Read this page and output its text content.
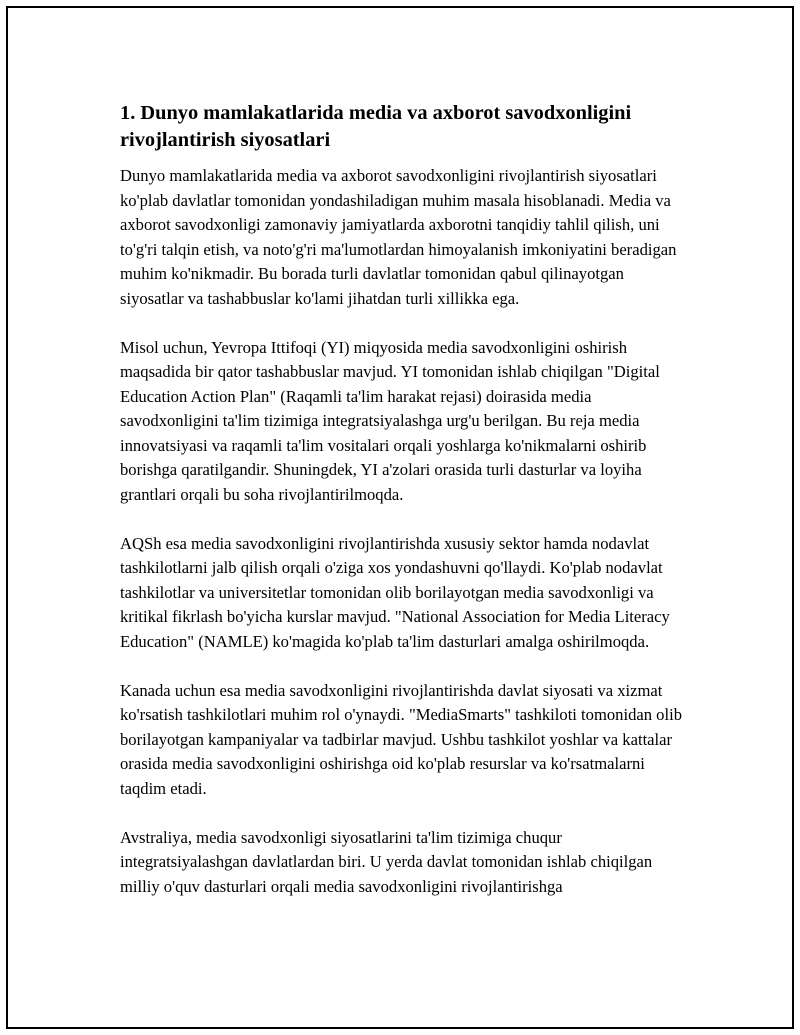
1. Dunyo mamlakatlarida media va axborot savodxonligini rivojlantirish siyosatlari

Dunyo mamlakatlarida media va axborot savodxonligini rivojlantirish siyosatlari ko'plab davlatlar tomonidan yondashiladigan muhim masala hisoblanadi. Media va axborot savodxonligi zamonaviy jamiyatlarda axborotni tanqidiy tahlil qilish, uni to'g'ri talqin etish, va noto'g'ri ma'lumotlardan himoyalanish imkoniyatini beradigan muhim ko'nikmadir. Bu borada turli davlatlar tomonidan qabul qilinayotgan siyosatlar va tashabbuslar ko'lami jihatdan turli xillikka ega.

Misol uchun, Yevropa Ittifoqi (YI) miqyosida media savodxonligini oshirish maqsadida bir qator tashabbuslar mavjud. YI tomonidan ishlab chiqilgan "Digital Education Action Plan" (Raqamli ta'lim harakat rejasi) doirasida media savodxonligini ta'lim tizimiga integratsiyalashga urg'u berilgan. Bu reja media innovatsiyasi va raqamli ta'lim vositalari orqali yoshlarga ko'nikmalarni oshirib borishga qaratilgandir. Shuningdek, YI a'zolari orasida turli dasturlar va loyiha grantlari orqali bu soha rivojlantirilmoqda.

AQSh esa media savodxonligini rivojlantirishda xususiy sektor hamda nodavlat tashkilotlarni jalb qilish orqali o'ziga xos yondashuvni qo'llaydi. Ko'plab nodavlat tashkilotlar va universitetlar tomonidan olib borilayotgan media savodxonligi va kritikal fikrlash bo'yicha kurslar mavjud. "National Association for Media Literacy Education" (NAMLE) ko'magida ko'plab ta'lim dasturlari amalga oshirilmoqda.

Kanada uchun esa media savodxonligini rivojlantirishda davlat siyosati va xizmat ko'rsatish tashkilotlari muhim rol o'ynaydi. "MediaSmarts" tashkiloti tomonidan olib borilayotgan kampaniyalar va tadbirlar mavjud. Ushbu tashkilot yoshlar va kattalar orasida media savodxonligini oshirishga oid ko'plab resurslar va ko'rsatmalarni taqdim etadi.

Avstraliya, media savodxonligi siyosatlarini ta'lim tizimiga chuqur integratsiyalashgan davlatlardan biri. U yerda davlat tomonidan ishlab chiqilgan milliy o'quv dasturlari orqali media savodxonligini rivojlantirishga
